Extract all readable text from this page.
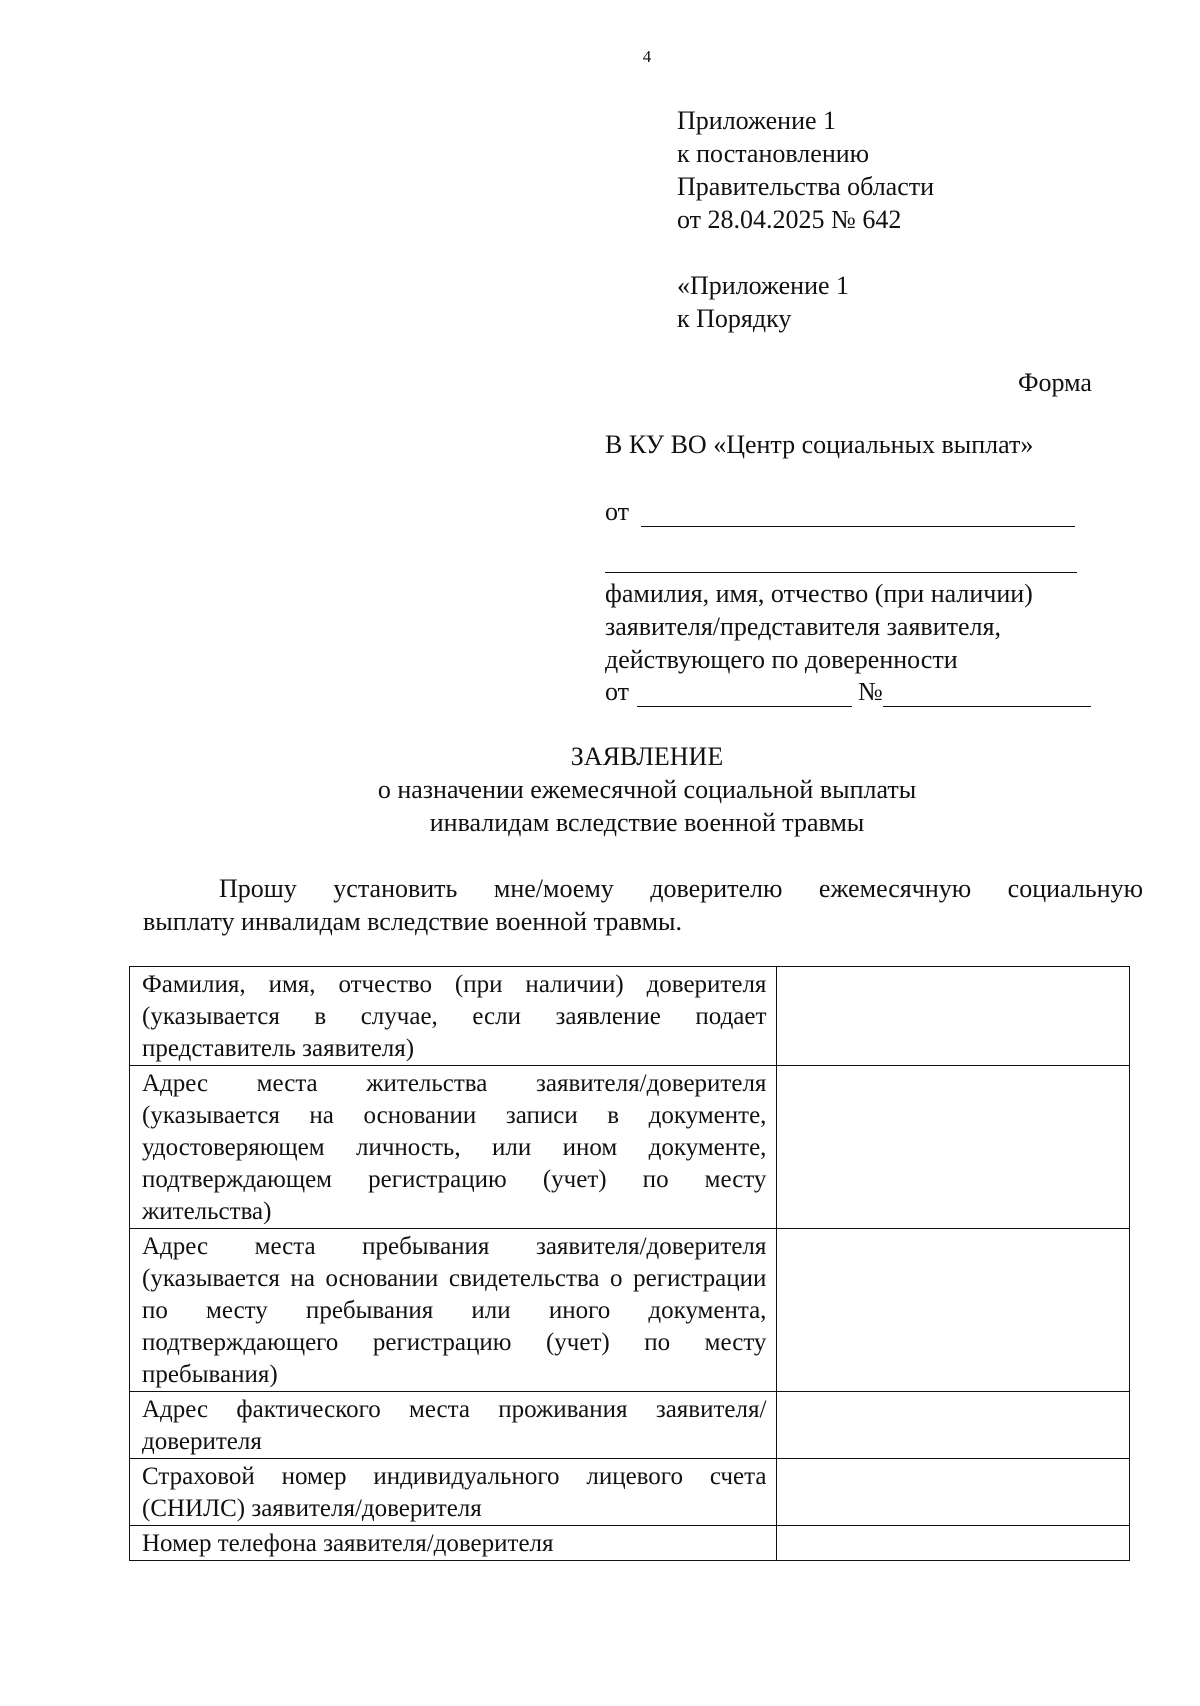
4
Приложение 1
к постановлению
Правительства области
от 28.04.2025 № 642
«Приложение 1
к Порядку
Форма
В КУ ВО «Центр социальных выплат»
от
фамилия, имя, отчество (при наличии)
заявителя/представителя заявителя,
действующего по доверенности
от	№
ЗАЯВЛЕНИЕ
о назначении ежемесячной социальной выплаты
инвалидам вследствие военной травмы
Прошу установить мне/моему доверителю ежемесячную социальную
выплату инвалидам вследствие военной травмы.
Фамилия, имя, отчество (при наличии) доверителя (указывается в случае, если заявление подает представитель заявителя)	
Адрес места жительства заявителя/доверителя (указывается на основании записи в документе, удостоверяющем личность, или ином документе, подтверждающем регистрацию (учет) по месту жительства)	
Адрес места пребывания заявителя/доверителя (указывается на основании свидетельства о регистрации по месту пребывания или иного документа, подтверждающего регистрацию (учет) по месту пребывания)	
Адрес фактического места проживания заявителя/доверителя	
Страховой номер индивидуального лицевого счета (СНИЛС) заявителя/доверителя	
Номер телефона заявителя/доверителя	
